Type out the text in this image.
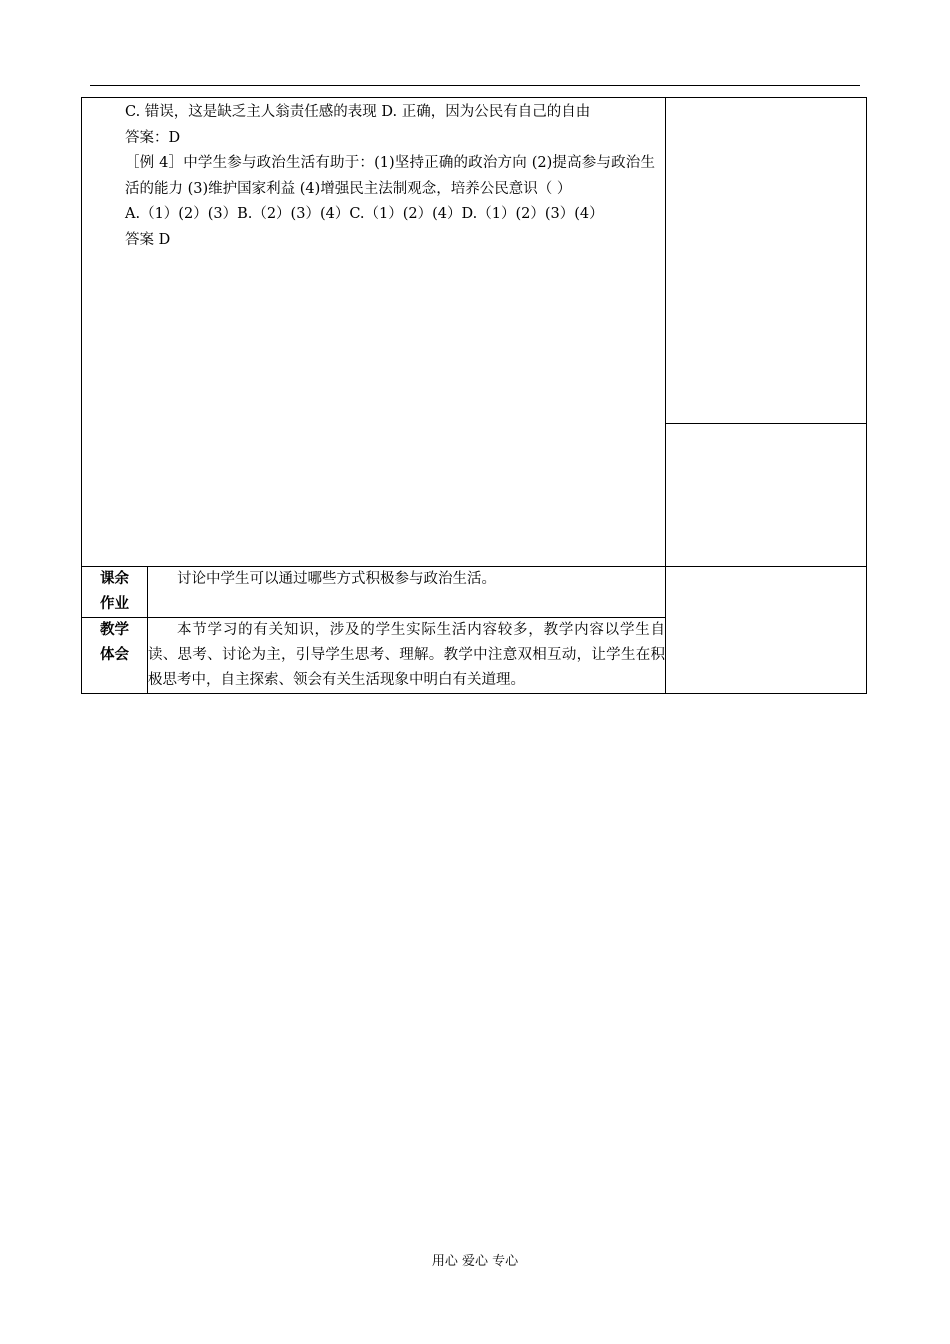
C. 错误，这是缺乏主人翁责任感的表现 D. 正确，因为公民有自己的自由

答案：D

［例 4］中学生参与政治生活有助于：(1)坚持正确的政治方向 (2)提高参与政治生活的能力 (3)维护国家利益 (4)增强民主法制观念，培养公民意识（ ）

A.（1）(2）(3）B.（2）(3）(4）C.（1）(2）(4）D.（1）(2）(3）(4）

答案 D		

课余
作业	讨论中学生可以通过哪些方式积极参与政治生活。	

教学
体会	本节学习的有关知识，涉及的学生实际生活内容较多，教学内容以学生自读、思考、讨论为主，引导学生思考、理解。教学中注意双相互动，让学生在积极思考中，自主探索、领会有关生活现象中明白有关道理。	
用心 爱心 专心
